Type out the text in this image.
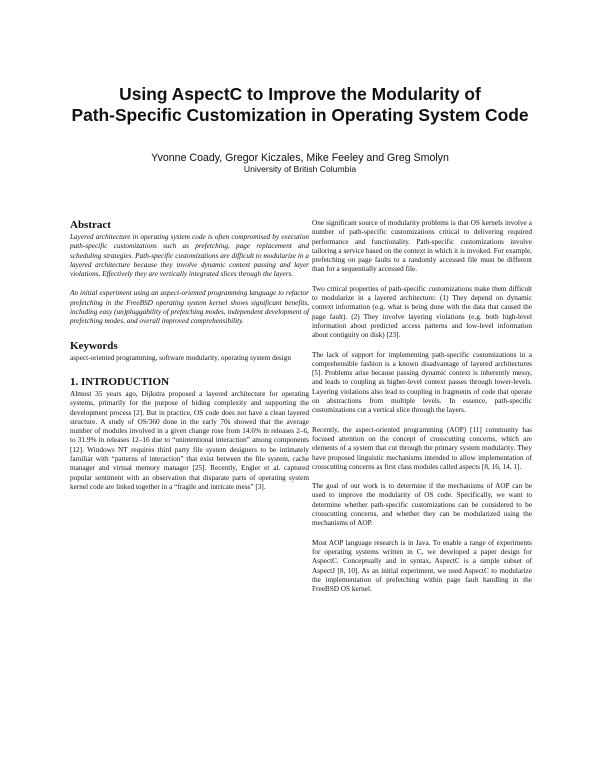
Using AspectC to Improve the Modularity of
Path-Specific Customization in Operating System Code
Yvonne Coady, Gregor Kiczales, Mike Feeley and Greg Smolyn
University of British Columbia
Abstract

Layered architecture in operating system code is often compromised by execution path-specific customizations such as prefetching, page replacement and scheduling strategies. Path-specific customizations are difficult to modularize in a layered architecture because they involve dynamic context passing and layer violations. Effectively they are vertically integrated slices through the layers.

An initial experiment using an aspect-oriented programming language to refactor prefetching in the FreeBSD operating system kernel shows significant benefits, including easy (un)pluggability of prefetching modes, independent development of prefetching modes, and overall improved comprehensibility.

Keywords

aspect-oriented programming, software modularity, operating system design

1. INTRODUCTION

Almost 35 years ago, Dijkstra proposed a layered architecture for operating systems, primarily for the purpose of hiding complexity and supporting the development process [2]. But in practice, OS code does not have a clean layered structure. A study of OS/360 done in the early 70s showed that the average number of modules involved in a given change rose from 14.6% in releases 2–6, to 31.9% in releases 12–16 due to “unintentional interaction” among components [12]. Windows NT requires third party file system designers to be intimately familiar with “patterns of interaction” that exist between the file system, cache manager and virtual memory manager [25]. Recently, Engler et al. captured popular sentiment with an observation that disparate parts of operating system kernel code are linked together in a “fragile and intricate mess” [3].

One significant source of modularity problems is that OS kernels involve a number of path-specific customizations critical to delivering required performance and functionality. Path-specific customizations involve tailoring a service based on the context in which it is invoked. For example, prefetching on page faults to a randomly accessed file must be different than for a sequentially accessed file.

Two critical properties of path-specific customizations make them difficult to modularize in a layered architecture: (1) They depend on dynamic context information (e.g. what is being done with the data that caused the page fault). (2) They involve layering violations (e.g. both high-level information about predicted access patterns and low-level information about contiguity on disk) [23].

The lack of support for implementing path-specific customizations in a comprehensible fashion is a known disadvantage of layered architectures [5]. Problems arise because passing dynamic context is inherently messy, and leads to coupling as higher-level context passes through lower-levels. Layering violations also lead to coupling in fragments of code that operate on abstractions from multiple levels. In essence, path-specific customizations cut a vertical slice through the layers.

Recently, the aspect-oriented programming (AOP) [11] community has focused attention on the concept of crosscutting concerns, which are elements of a system that cut through the primary system modularity. They have proposed linguistic mechanisms intended to allow implementation of crosscutting concerns as first class modules called aspects [8, 16, 14, 1].

The goal of our work is to determine if the mechanisms of AOP can be used to improve the modularity of OS code. Specifically, we want to determine whether path-specific customizations can be considered to be crosscutting concerns, and whether they can be modularized using the mechanisms of AOP.

Most AOP language research is in Java. To enable a range of experiments for operating systems written in C, we developed a paper design for AspectC. Conceptually and in syntax, AspectC is a simple subset of AspectJ [8, 10]. As an initial experiment, we used AspectC to modularize the implementation of prefetching within page fault handling in the FreeBSD OS kernel.
